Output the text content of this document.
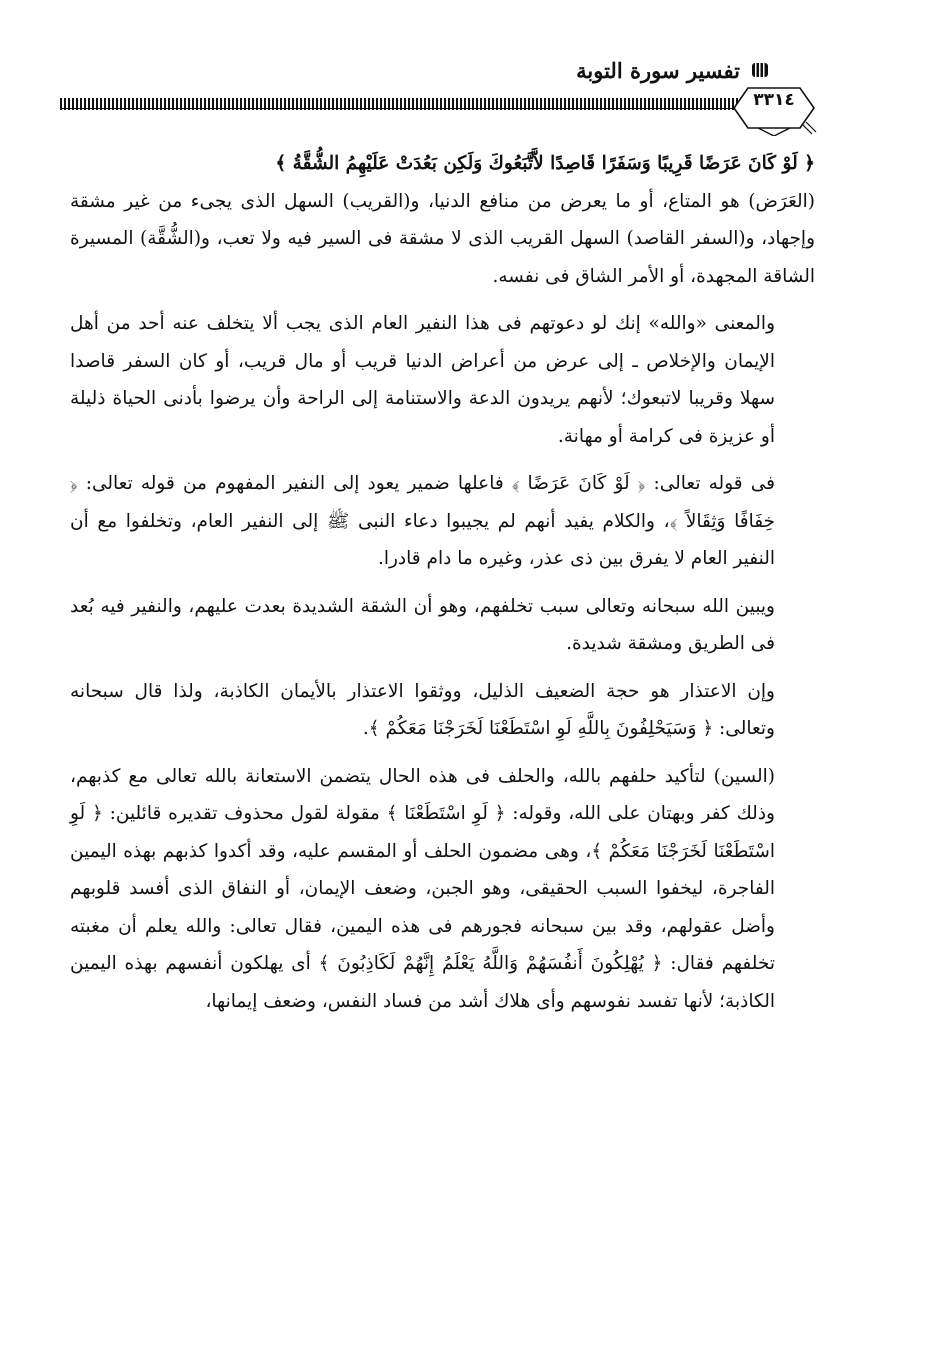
تفسير سورة التوبة
٣٣١٤

﴿ لَوْ كَانَ عَرَضًا قَرِيبًا وَسَفَرًا قَاصِدًا لاَّتَّبَعُوكَ وَلَكِن بَعُدَتْ عَلَيْهِمُ الشُّقَّةُ ﴾

(العَرَض) هو المتاع، أو ما يعرض من منافع الدنيا، و(القريب) السهل الذى يجىء من غير مشقة وإجهاد، و(السفر القاصد) السهل القريب الذى لا مشقة فى السير فيه ولا تعب، و(الشُّقَّة) المسيرة الشاقة المجهدة، أو الأمر الشاق فى نفسه.

والمعنى «والله» إنك لو دعوتهم فى هذا النفير العام الذى يجب ألا يتخلف عنه أحد من أهل الإيمان والإخلاص ـ إلى عرض من أعراض الدنيا قريب أو مال قريب، أو كان السفر قاصدا سهلا وقريبا لاتبعوك؛ لأنهم يريدون الدعة والاستنامة إلى الراحة وأن يرضوا بأدنى الحياة ذليلة أو عزيزة فى كرامة أو مهانة.

فى قوله تعالى: ﴿ لَوْ كَانَ عَرَضًا ﴾ فاعلها ضمير يعود إلى النفير المفهوم من قوله تعالى: ﴿ خِفَافًا وَثِقَالاً ﴾، والكلام يفيد أنهم لم يجيبوا دعاء النبى ﷺ إلى النفير العام، وتخلفوا مع أن النفير العام لا يفرق بين ذى عذر، وغيره ما دام قادرا.

ويبين الله سبحانه وتعالى سبب تخلفهم، وهو أن الشقة الشديدة بعدت عليهم، والنفير فيه بُعد فى الطريق ومشقة شديدة.

وإن الاعتذار هو حجة الضعيف الذليل، ووثقوا الاعتذار بالأيمان الكاذبة، ولذا قال سبحانه وتعالى: ﴿ وَسَيَحْلِفُونَ بِاللَّهِ لَوِ اسْتَطَعْنَا لَخَرَجْنَا مَعَكُمْ ﴾.

(السين) لتأكيد حلفهم بالله، والحلف فى هذه الحال يتضمن الاستعانة بالله تعالى مع كذبهم، وذلك كفر وبهتان على الله، وقوله: ﴿ لَوِ اسْتَطَعْنَا ﴾ مقولة لقول محذوف تقديره قائلين: ﴿ لَوِ اسْتَطَعْنَا لَخَرَجْنَا مَعَكُمْ ﴾، وهى مضمون الحلف أو المقسم عليه، وقد أكدوا كذبهم بهذه اليمين الفاجرة، ليخفوا السبب الحقيقى، وهو الجبن، وضعف الإيمان، أو النفاق الذى أفسد قلوبهم وأضل عقولهم، وقد بين سبحانه فجورهم فى هذه اليمين، فقال تعالى: والله يعلم أن مغبته تخلفهم فقال: ﴿ يُهْلِكُونَ أَنفُسَهُمْ وَاللَّهُ يَعْلَمُ إِنَّهُمْ لَكَاذِبُونَ ﴾ أى يهلكون أنفسهم بهذه اليمين الكاذبة؛ لأنها تفسد نفوسهم وأى هلاك أشد من فساد النفس، وضعف إيمانها،
